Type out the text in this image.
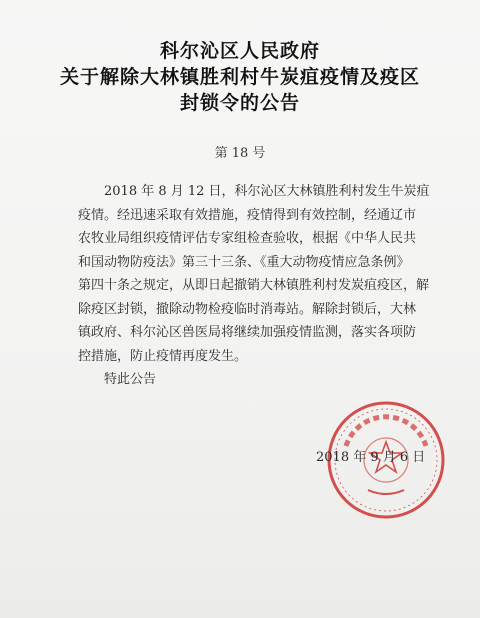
科尔沁区人民政府
关于解除大林镇胜利村牛炭疽疫情及疫区
封锁令的公告
第 18 号
2018 年 8 月 12 日，科尔沁区大林镇胜利村发生牛炭疽
疫情。经迅速采取有效措施，疫情得到有效控制，经通辽市
农牧业局组织疫情评估专家组检查验收，根据《中华人民共
和国动物防疫法》第三十三条、《重大动物疫情应急条例》
第四十条之规定，从即日起撤销大林镇胜利村发炭疽疫区，解
除疫区封锁，撤除动物检疫临时消毒站。解除封锁后，大林
镇政府、科尔沁区兽医局将继续加强疫情监测，落实各项防
控措施，防止疫情再度发生。
特此公告
2018 年 9 月 6 日
